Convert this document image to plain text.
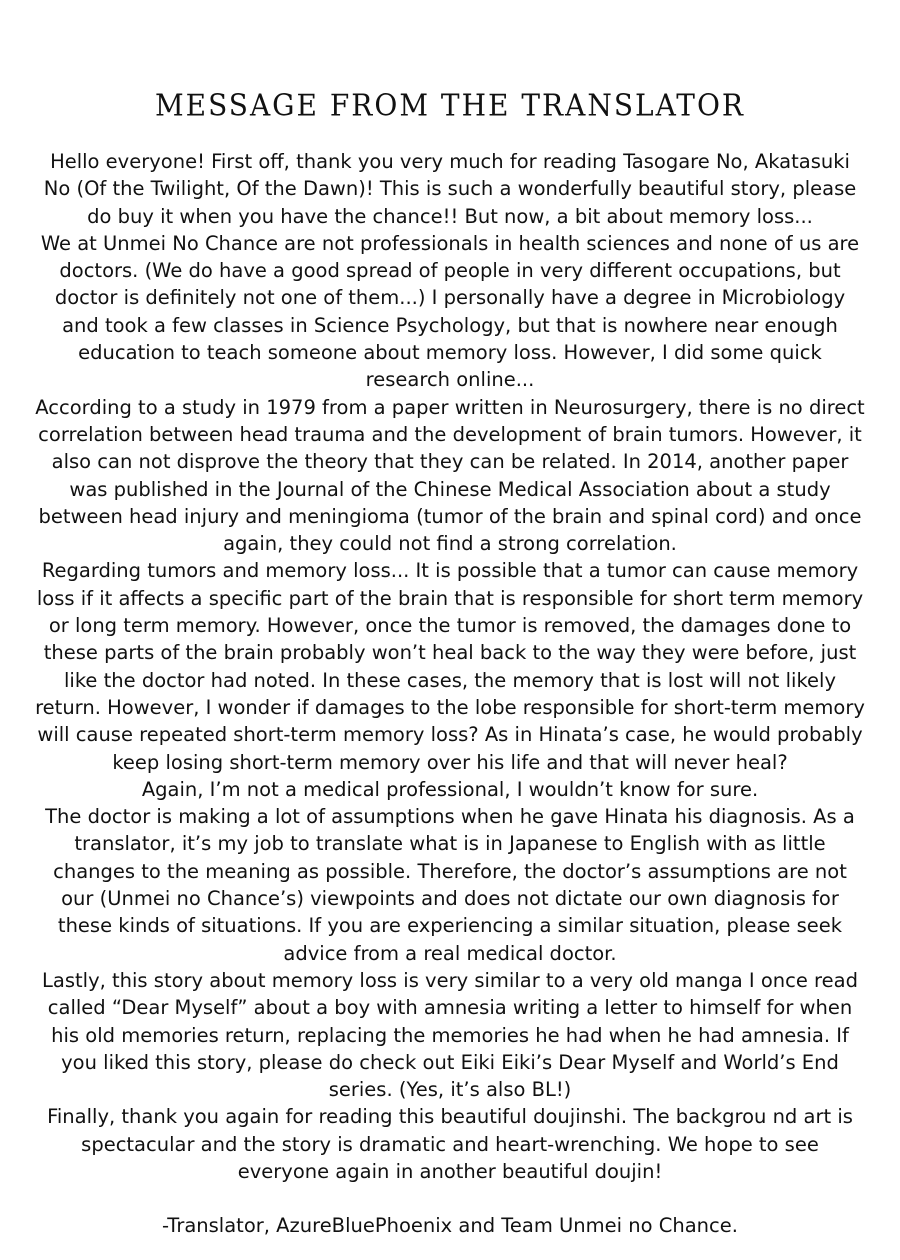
MESSAGE FROM THE TRANSLATOR

Hello everyone! First off, thank you very much for reading Tasogare No, Akatasuki No (Of the Twilight, Of the Dawn)! This is such a wonderfully beautiful story, please do buy it when you have the chance!! But now, a bit about memory loss...

We at Unmei No Chance are not professionals in health sciences and none of us are doctors. (We do have a good spread of people in very different occupations, but doctor is definitely not one of them...) I personally have a degree in Microbiology and took a few classes in Science Psychology, but that is nowhere near enough education to teach someone about memory loss. However, I did some quick research online...

According to a study in 1979 from a paper written in Neurosurgery, there is no direct correlation between head trauma and the development of brain tumors. However, it also can not disprove the theory that they can be related. In 2014, another paper was published in the Journal of the Chinese Medical Association about a study between head injury and meningioma (tumor of the brain and spinal cord) and once again, they could not find a strong correlation.

Regarding tumors and memory loss... It is possible that a tumor can cause memory loss if it affects a specific part of the brain that is responsible for short term memory or long term memory. However, once the tumor is removed, the damages done to these parts of the brain probably won’t heal back to the way they were before, just like the doctor had noted. In these cases, the memory that is lost will not likely return. However, I wonder if damages to the lobe responsible for short-term memory will cause repeated short-term memory loss? As in Hinata’s case, he would probably keep losing short-term memory over his life and that will never heal?

Again, I’m not a medical professional, I wouldn’t know for sure.

The doctor is making a lot of assumptions when he gave Hinata his diagnosis. As a translator, it’s my job to translate what is in Japanese to English with as little changes to the meaning as possible. Therefore, the doctor’s assumptions are not our (Unmei no Chance’s) viewpoints and does not dictate our own diagnosis for these kinds of situations. If you are experiencing a similar situation, please seek advice from a real medical doctor.

Lastly, this story about memory loss is very similar to a very old manga I once read called “Dear Myself” about a boy with amnesia writing a letter to himself for when his old memories return, replacing the memories he had when he had amnesia. If you liked this story, please do check out Eiki Eiki’s Dear Myself and World’s End series. (Yes, it’s also BL!)

Finally, thank you again for reading this beautiful doujinshi. The backgrou nd art is spectacular and the story is dramatic and heart-wrenching. We hope to see everyone again in another beautiful doujin!

-Translator, AzureBluePhoenix and Team Unmei no Chance.
